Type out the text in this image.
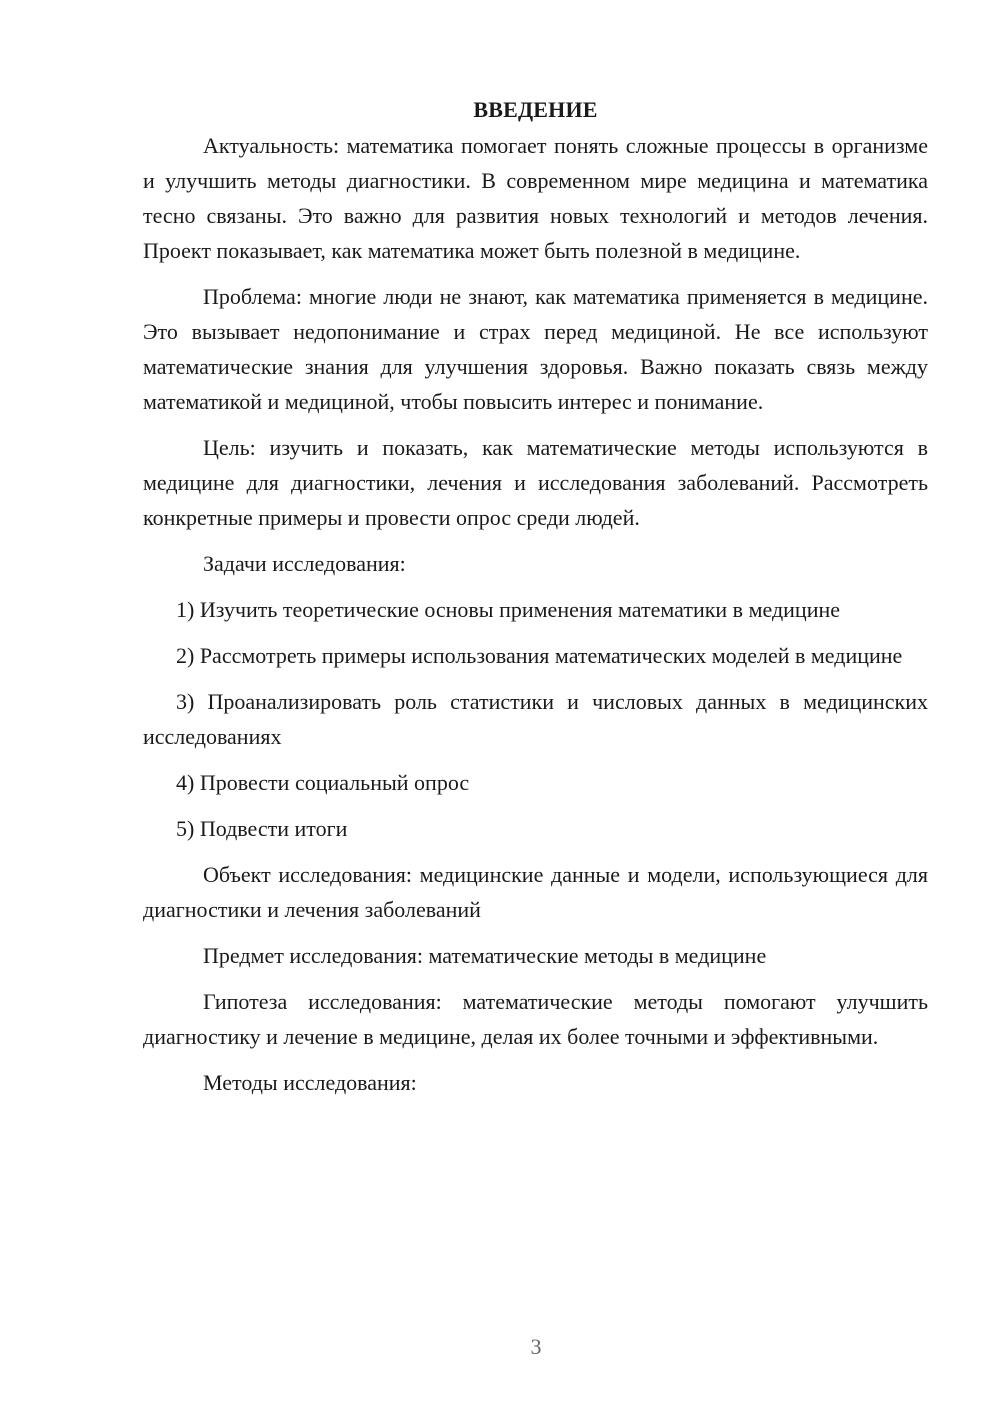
ВВЕДЕНИЕ

Актуальность: математика помогает понять сложные процессы в организме и улучшить методы диагностики. В современном мире медицина и математика тесно связаны. Это важно для развития новых технологий и методов лечения. Проект показывает, как математика может быть полезной в медицине.

Проблема: многие люди не знают, как математика применяется в медицине. Это вызывает недопонимание и страх перед медициной. Не все используют математические знания для улучшения здоровья. Важно показать связь между математикой и медициной, чтобы повысить интерес и понимание.

Цель: изучить и показать, как математические методы используются в медицине для диагностики, лечения и исследования заболеваний. Рассмотреть конкретные примеры и провести опрос среди людей.

Задачи исследования:

1) Изучить теоретические основы применения математики в медицине

2) Рассмотреть примеры использования математических моделей в медицине

3) Проанализировать роль статистики и числовых данных в медицинских исследованиях

4) Провести социальный опрос

5) Подвести итоги

Объект исследования: медицинские данные и модели, использующиеся для диагностики и лечения заболеваний

Предмет исследования: математические методы в медицине

Гипотеза исследования: математические методы помогают улучшить диагностику и лечение в медицине, делая их более точными и эффективными.

Методы исследования:

3
